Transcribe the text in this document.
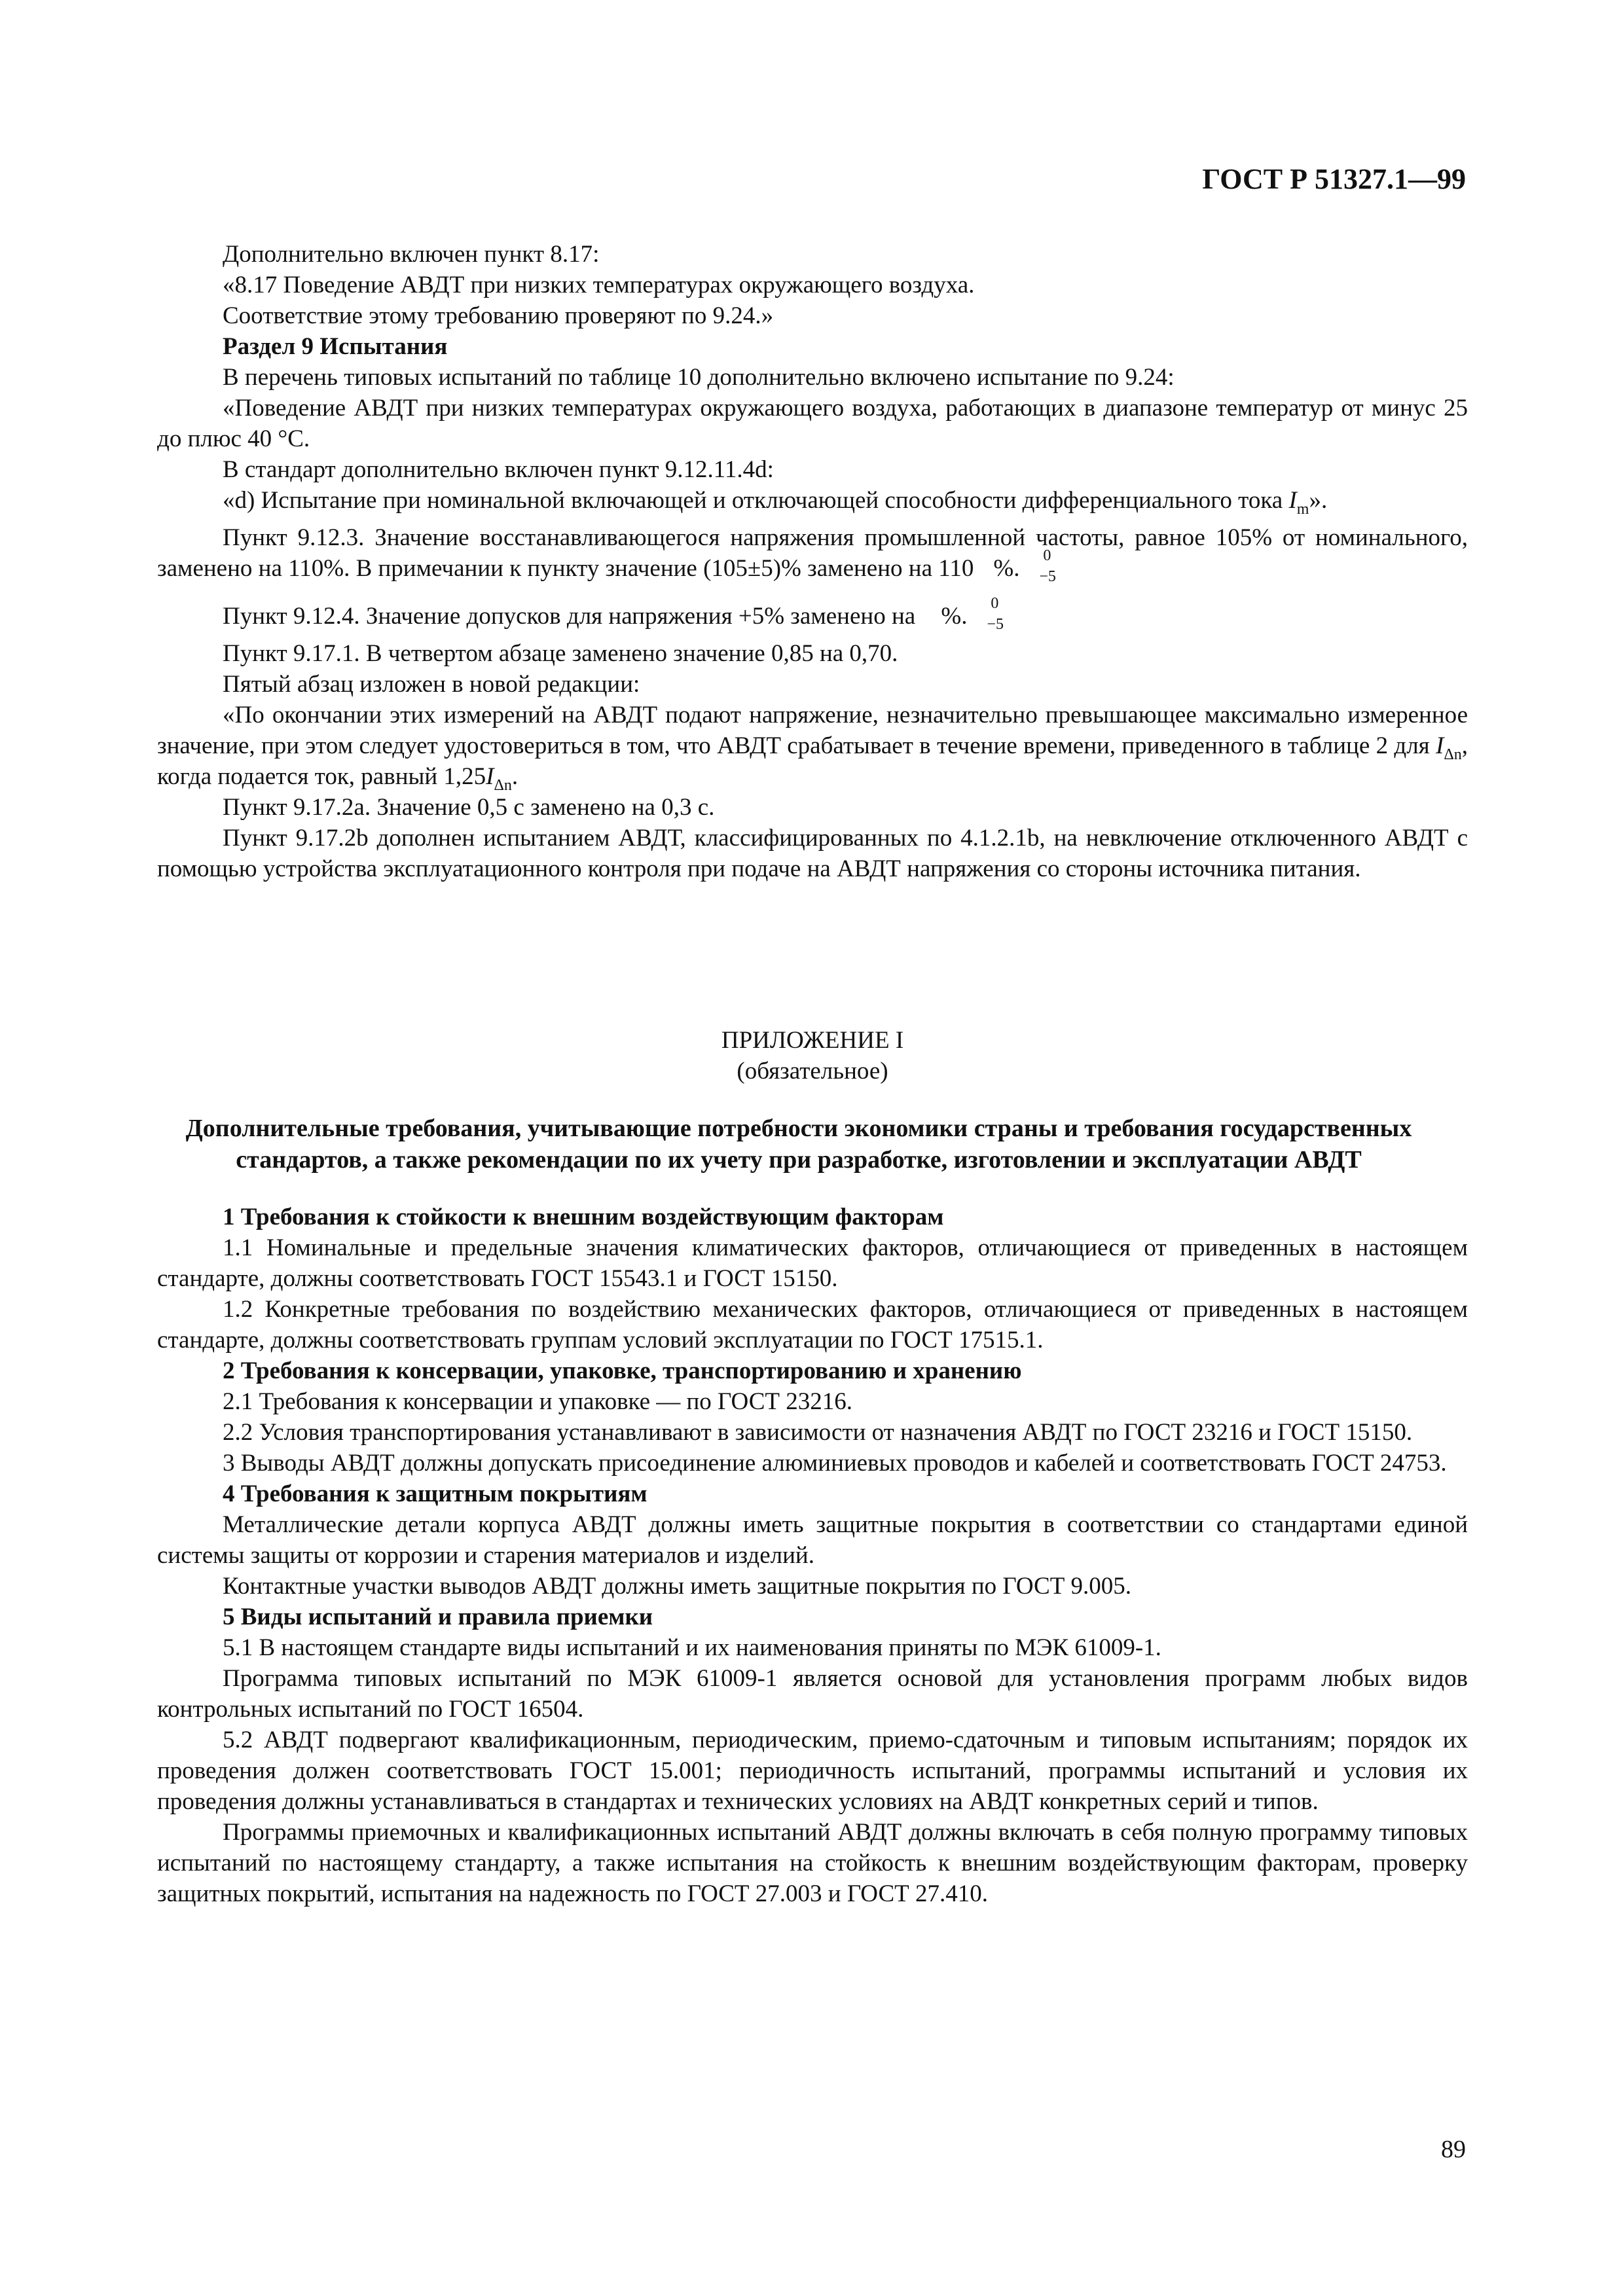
ГОСТ Р 51327.1—99

Дополнительно включен пункт 8.17:

«8.17 Поведение АВДТ при низких температурах окружающего воздуха.

Соответствие этому требованию проверяют по 9.24.»

Раздел 9 Испытания

В перечень типовых испытаний по таблице 10 дополнительно включено испытание по 9.24:

«Поведение АВДТ при низких температурах окружающего воздуха, работающих в диапазоне температур от минус 25 до плюс 40 °С.

В стандарт дополнительно включен пункт 9.12.11.4d:

«d) Испытание при номинальной включающей и отключающей способности дифференциального тока $I_m$».

Пункт 9.12.3. Значение восстанавливающегося напряжения промышленной частоты, равное 105% от номинального, заменено на 110%. В примечании к пункту значение (105±5)% заменено на 110	0
−5
%.

Пункт 9.12.4. Значение допусков для напряжения +5% заменено на	0
−5
%.

Пункт 9.17.1. В четвертом абзаце заменено значение 0,85 на 0,70.

Пятый абзац изложен в новой редакции:

«По окончании этих измерений на АВДТ подают напряжение, незначительно превышающее максимально измеренное значение, при этом следует удостовериться в том, что АВДТ срабатывает в течение времени, приведенного в таблице 2 для $I_{\Delta n}$, когда подается ток, равный $1,25I_{\Delta n}$.

Пункт 9.17.2a. Значение 0,5 с заменено на 0,3 с.

Пункт 9.17.2b дополнен испытанием АВДТ, классифицированных по 4.1.2.1b, на невключение отключенного АВДТ с помощью устройства эксплуатационного контроля при подаче на АВДТ напряжения со стороны источника питания.

ПРИЛОЖЕНИЕ I

(обязательное)

Дополнительные требования, учитывающие потребности экономики страны и требования государственных стандартов, а также рекомендации по их учету при разработке, изготовлении и эксплуатации АВДТ

1 Требования к стойкости к внешним воздействующим факторам

1.1 Номинальные и предельные значения климатических факторов, отличающиеся от приведенных в настоящем стандарте, должны соответствовать ГОСТ 15543.1 и ГОСТ 15150.

1.2 Конкретные требования по воздействию механических факторов, отличающиеся от приведенных в настоящем стандарте, должны соответствовать группам условий эксплуатации по ГОСТ 17515.1.

2 Требования к консервации, упаковке, транспортированию и хранению

2.1 Требования к консервации и упаковке — по ГОСТ 23216.

2.2 Условия транспортирования устанавливают в зависимости от назначения АВДТ по ГОСТ 23216 и ГОСТ 15150.

3 Выводы АВДТ должны допускать присоединение алюминиевых проводов и кабелей и соответствовать ГОСТ 24753.

4 Требования к защитным покрытиям

Металлические детали корпуса АВДТ должны иметь защитные покрытия в соответствии со стандартами единой системы защиты от коррозии и старения материалов и изделий.

Контактные участки выводов АВДТ должны иметь защитные покрытия по ГОСТ 9.005.

5 Виды испытаний и правила приемки

5.1 В настоящем стандарте виды испытаний и их наименования приняты по МЭК 61009-1.

Программа типовых испытаний по МЭК 61009-1 является основой для установления программ любых видов контрольных испытаний по ГОСТ 16504.

5.2 АВДТ подвергают квалификационным, периодическим, приемо-сдаточным и типовым испытаниям; порядок их проведения должен соответствовать ГОСТ 15.001; периодичность испытаний, программы испытаний и условия их проведения должны устанавливаться в стандартах и технических условиях на АВДТ конкретных серий и типов.

Программы приемочных и квалификационных испытаний АВДТ должны включать в себя полную программу типовых испытаний по настоящему стандарту, а также испытания на стойкость к внешним воздействующим факторам, проверку защитных покрытий, испытания на надежность по ГОСТ 27.003 и ГОСТ 27.410.

89
